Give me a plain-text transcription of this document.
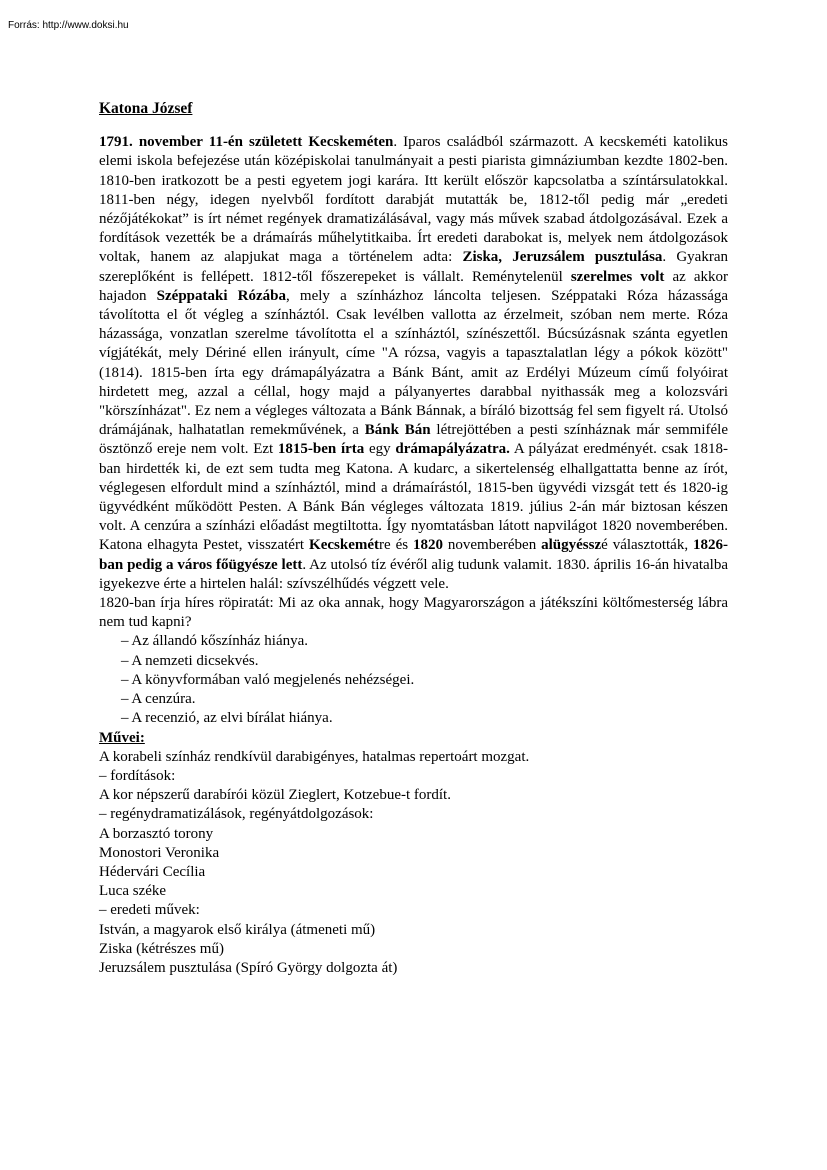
Forrás: http://www.doksi.hu

Katona József

1791. november 11-én született Kecskeméten. Iparos családból származott. A kecskeméti katolikus elemi iskola befejezése után középiskolai tanulmányait a pesti piarista gimnáziumban kezdte 1802-ben. 1810-ben iratkozott be a pesti egyetem jogi karára. Itt került először kapcsolatba a színtársulatokkal. 1811-ben négy, idegen nyelvből fordított darabját mutatták be, 1812-től pedig már „eredeti nézőjátékokat” is írt német regények dramatizálásával, vagy más művek szabad átdolgozásával. Ezek a fordítások vezették be a drámaírás műhelytitkaiba. Írt eredeti darabokat is, melyek nem átdolgozások voltak, hanem az alapjukat maga a történelem adta: Ziska, Jeruzsálem pusztulása. Gyakran szereplőként is fellépett. 1812-től főszerepeket is vállalt. Reménytelenül szerelmes volt az akkor hajadon Széppataki Rózába, mely a színházhoz láncolta teljesen. Széppataki Róza házassága távolította el őt végleg a színháztól. Csak levélben vallotta az érzelmeit, szóban nem merte. Róza házassága, vonzatlan szerelme távolította el a színháztól, színészettől. Búcsúzásnak szánta egyetlen vígjátékát, mely Dériné ellen irányult, címe "A rózsa, vagyis a tapasztalatlan légy a pókok között" (1814). 1815-ben írta egy drámapályázatra a Bánk Bánt, amit az Erdélyi Múzeum című folyóirat hirdetett meg, azzal a céllal, hogy majd a pályanyertes darabbal nyithassák meg a kolozsvári "körszínházat". Ez nem a végleges változata a Bánk Bánnak, a bíráló bizottság fel sem figyelt rá. Utolsó drámájának, halhatatlan remekművének, a Bánk Bán létrejöttében a pesti színháznak már semmiféle ösztönző ereje nem volt. Ezt 1815-ben írta egy drámapályázatra. A pályázat eredményét. csak 1818-ban hirdették ki, de ezt sem tudta meg Katona. A kudarc, a sikertelenség elhallgattatta benne az írót, véglegesen elfordult mind a színháztól, mind a drámaírástól, 1815-ben ügyvédi vizsgát tett és 1820-ig ügyvédként működött Pesten. A Bánk Bán végleges változata 1819. július 2-án már biztosan készen volt. A cenzúra a színházi előadást megtiltotta. Így nyomtatásban látott napvilágot 1820 novemberében. Katona elhagyta Pestet, visszatért Kecskemétre és 1820 novemberében alügyésszé választották, 1826-ban pedig a város főügyésze lett. Az utolsó tíz évéről alig tudunk valamit. 1830. április 16-án hivatalba igyekezve érte a hirtelen halál: szívszélhűdés végzett vele.

1820-ban írja híres röpiratát: Mi az oka annak, hogy Magyarországon a játékszíni költőmesterség lábra nem tud kapni?

– Az állandó kőszínház hiánya.
– A nemzeti dicsekvés.
– A könyvformában való megjelenés nehézségei.
– A cenzúra.
– A recenzió, az elvi bírálat hiánya.

Művei:

A korabeli színház rendkívül darabigényes, hatalmas repertoárt mozgat.

– fordítások:

A kor népszerű darabírói közül Zieglert, Kotzebue-t fordít.

– regénydramatizálások, regényátdolgozások:

A borzasztó torony

Monostori Veronika

Hédervári Cecília

Luca széke

– eredeti művek:

István, a magyarok első királya (átmeneti mű)

Ziska (kétrészes mű)

Jeruzsálem pusztulása (Spíró György dolgozta át)
